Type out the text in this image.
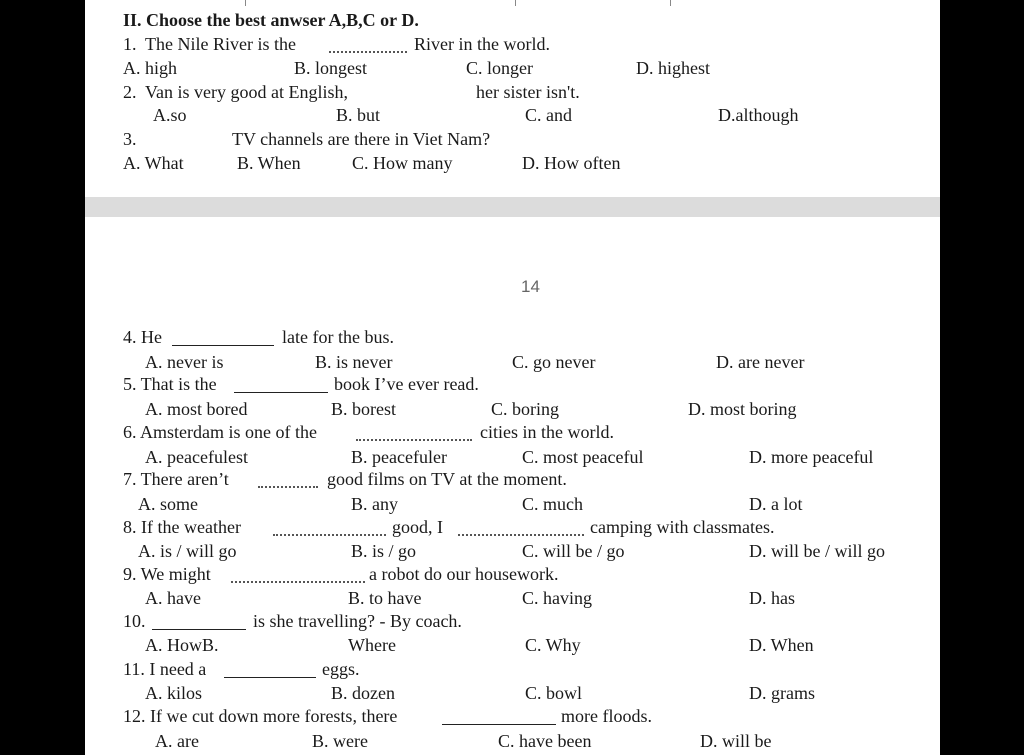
II. Choose the best anwser A,B,C or D.
1. The Nile River is the	River in the world.
A. high	B. longest	C. longer	D. highest
2. Van is very good at English,	her sister isn't.
A.so	B. but	C. and	D.although
3.	TV channels are there in Viet Nam?
A. What	B. When	C. How many	D. How often
14
4. He	late for the bus.
A. never is	B. is never	C. go never	D. are never
5. That is the	book I’ve ever read.
A. most bored	B. borest	C. boring	D. most boring
6. Amsterdam is one of the	cities in the world.
A. peacefulest	B. peacefuler	C. most peaceful	D. more peaceful
7. There aren’t	good films on TV at the moment.
A. some	B. any	C. much	D. a lot
8. If the weather	good, I	camping with classmates.
A. is / will go	B. is / go	C. will be / go	D. will be / will go
9. We might	a robot do our housework.
A. have	B. to have	C. having	D. has
10.	is she travelling? - By coach.
A. HowB.	Where	C. Why	D. When
11. I need a	eggs.
A. kilos	B. dozen	C. bowl	D. grams
12. If we cut down more forests, there	more floods.
A. are	B. were	C. have been	D. will be
